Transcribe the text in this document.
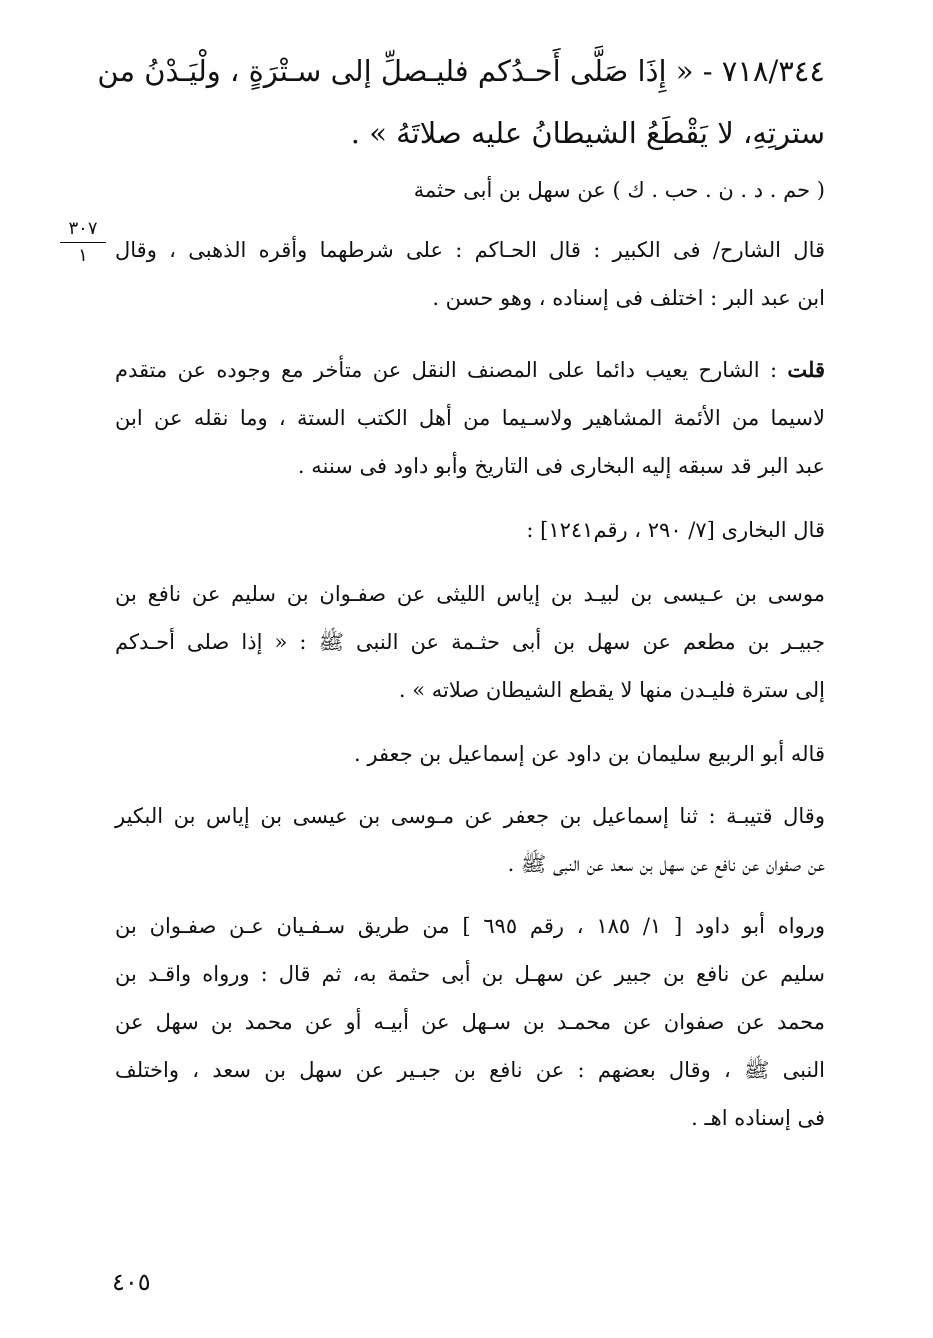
٧١٨/٣٤٤ - « إِذَا صَلَّى أَحـدُكم فليـصلِّ إلى سـتْرَةٍ ، ولْيَـدْنُ من
سترتِهِ، لا يَقْطَعُ الشيطانُ عليه صلاتَهُ » .
( حم . د . ن . حب . ك ) عن سهل بن أبى حثمة
٣٠٧
١	قال الشارح/ فى الكبير : قال الحـاكم : على شرطهما وأقره الذهبى ، وقال
ابن عبد البر : اختلف فى إسناده ، وهو حسن .
قلت : الشارح يعيب دائما على المصنف النقل عن متأخر مع وجوده عن متقدم
لاسيما من الأئمة المشاهير ولاسـيما من أهل الكتب الستة ، وما نقله عن ابن
عبد البر قد سبقه إليه البخارى فى التاريخ وأبو داود فى سننه .
قال البخارى [٧/ ٢٩٠ ، رقم١٢٤١] :
موسى بن عـيسى بن لبيـد بن إياس الليثى عن صفـوان بن سليم عن نافع بن
جبيـر بن مطعم عن سهل بن أبى حثـمة عن النبى ﷺ : « إذا صلى أحـدكم
إلى سترة فليـدن منها لا يقطع الشيطان صلاته » .
قاله أبو الربيع سليمان بن داود عن إسماعيل بن جعفر .
وقال قتيبـة : ثنا إسماعيل بن جعفر عن مـوسى بن عيسى بن إياس بن البكير
عن صفوان عن نافع عن سهل بن سعد عن النبى ﷺ .
ورواه أبو داود [ ١/ ١٨٥ ، رقم ٦٩٥ ] من طريق سـفـيان عـن صفـوان بن
سليم عن نافع بن جبير عن سهـل بن أبى حثمة به، ثم قال : ورواه واقـد بن
محمد عن صفوان عن محمـد بن سـهل عن أبيـه أو عن محمد بن سهل عن
النبى ﷺ ، وقال بعضهم : عن نافع بن جبـير عن سهل بن سعد ، واختلف
فى إسناده اهـ .
٤٠٥
